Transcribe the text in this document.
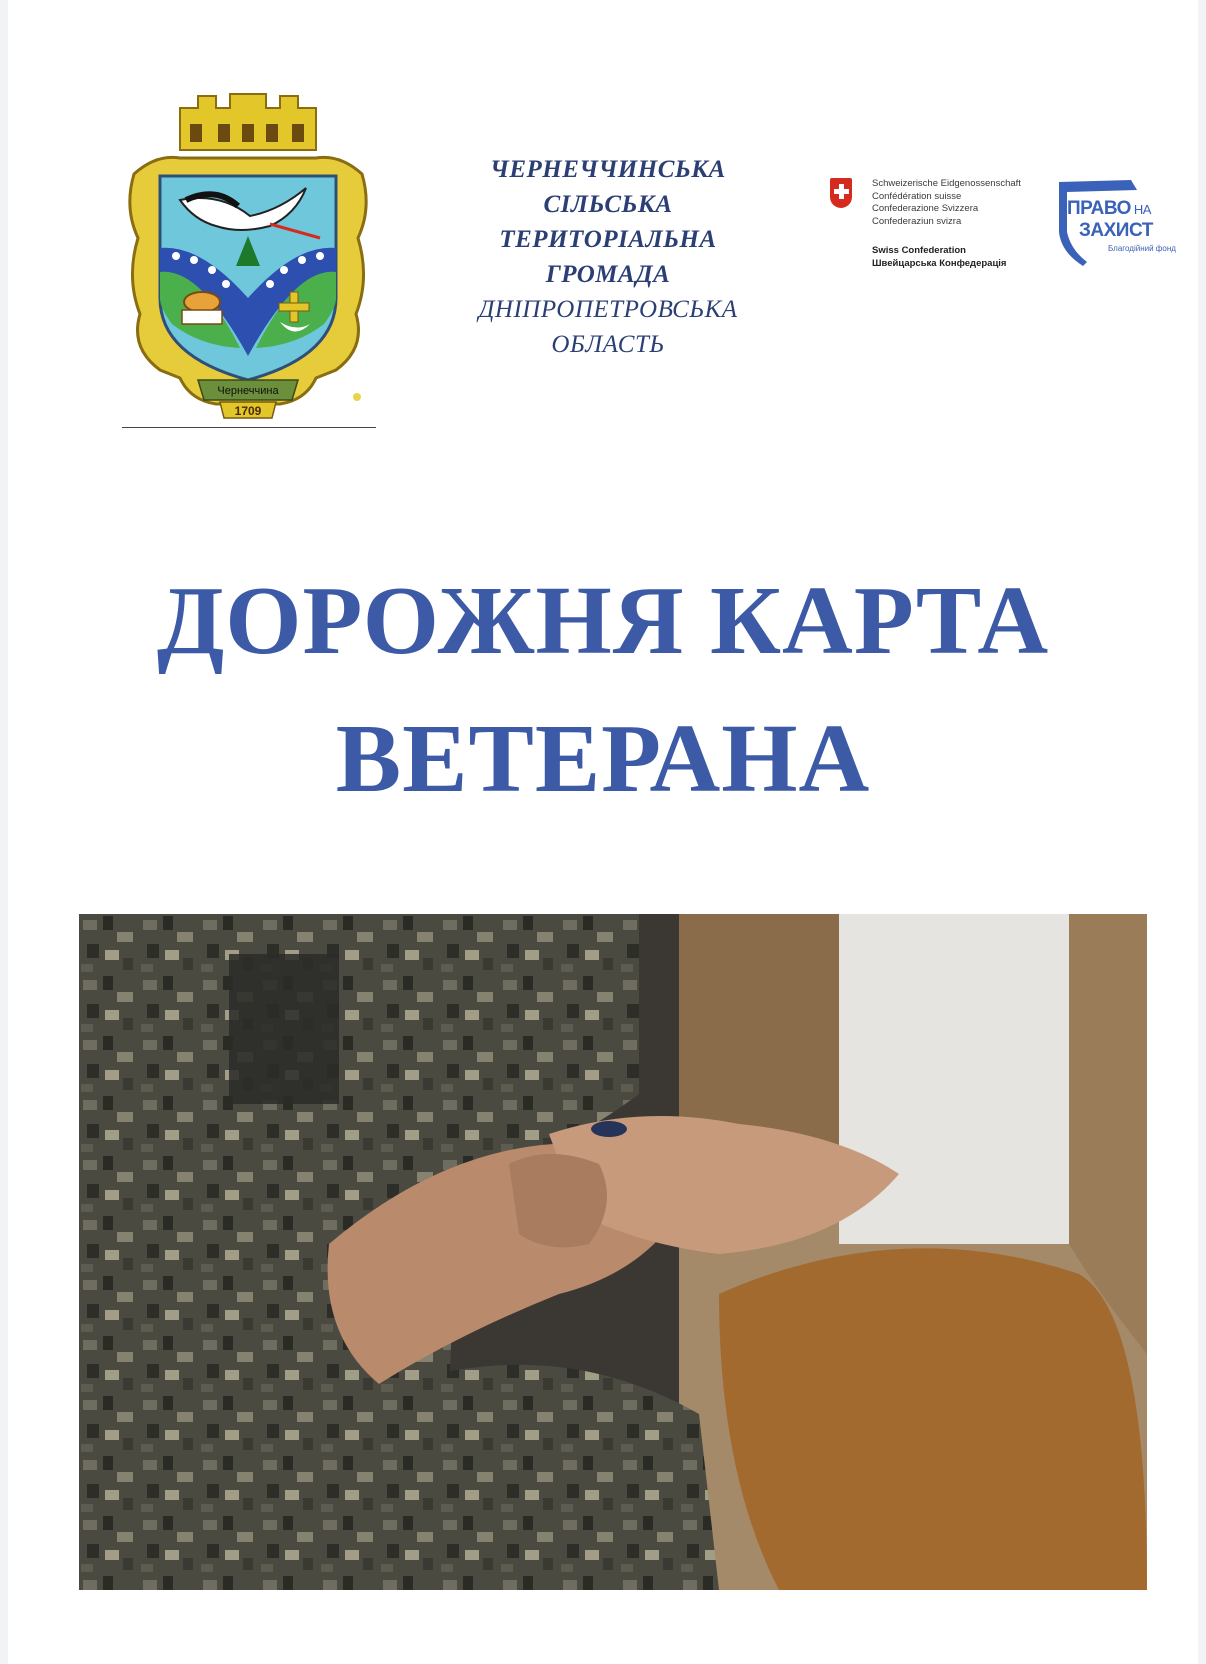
Чернеччина
1709
ЧЕРНЕЧЧИНСЬКА
СІЛЬСЬКА
ТЕРИТОРІАЛЬНА
ГРОМАДА
ДНІПРОПЕТРОВСЬКА
ОБЛАСТЬ
Schweizerische Eidgenossenschaft
Confédération suisse
Confederazione Svizzera
Confederaziun svizra
Swiss Confederation
Швейцарська Конфедерація
ПРАВО НА
ЗАХИСТ
Благодійний фонд
ДОРОЖНЯ КАРТА
ВЕТЕРАНА
